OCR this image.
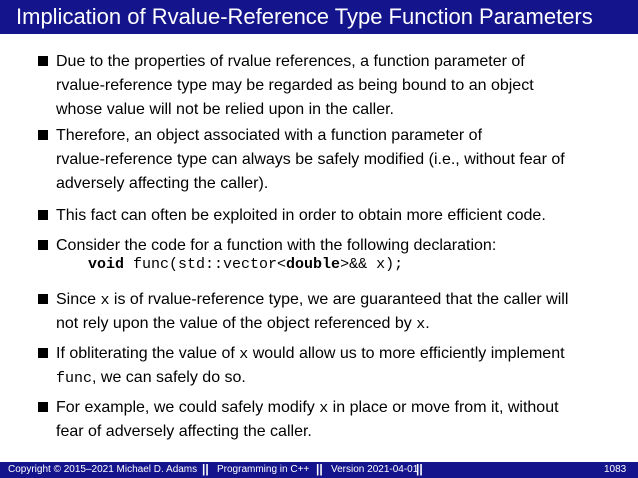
Implication of Rvalue-Reference Type Function Parameters
Due to the properties of rvalue references, a function parameter of
rvalue-reference type may be regarded as being bound to an object
whose value will not be relied upon in the caller.
Therefore, an object associated with a function parameter of
rvalue-reference type can always be safely modified (i.e., without fear of
adversely affecting the caller).
This fact can often be exploited in order to obtain more efficient code.
Consider the code for a function with the following declaration:
void func(std::vector<double>&& x);
Since x is of rvalue-reference type, we are guaranteed that the caller will
not rely upon the value of the object referenced by x.
If obliterating the value of x would allow us to more efficiently implement
func, we can safely do so.
For example, we could safely modify x in place or move from it, without
fear of adversely affecting the caller.
Copyright © 2015–2021 Michael D. Adams || Programming in C++ || Version 2021-04-01
||	1083
